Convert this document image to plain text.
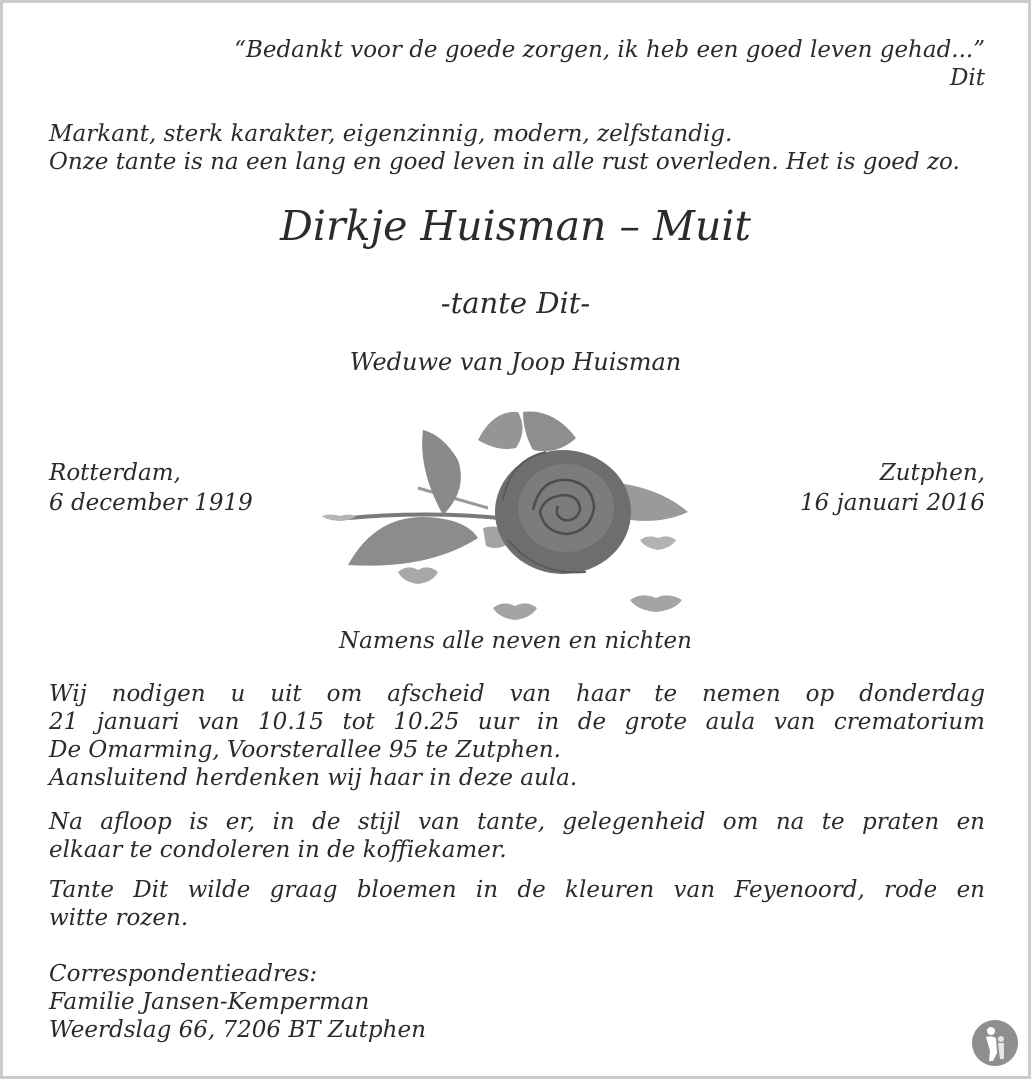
“Bedankt voor de goede zorgen, ik heb een goed leven gehad...”
Dit
Markant, sterk karakter, eigenzinnig, modern, zelfstandig.
Onze tante is na een lang en goed leven in alle rust overleden. Het is goed zo.
Dirkje Huisman – Muit
-tante Dit-
Weduwe van Joop Huisman
Rotterdam,
6 december 1919
Zutphen,
16 januari 2016
Namens alle neven en nichten
Wij nodigen u uit om afscheid van haar te nemen op donderdag
21 januari van 10.15 tot 10.25 uur in de grote aula van crematorium
De Omarming, Voorsterallee 95 te Zutphen.
Aansluitend herdenken wij haar in deze aula.
Na afloop is er, in de stijl van tante, gelegenheid om na te praten en
elkaar te condoleren in de koffiekamer.
Tante Dit wilde graag bloemen in de kleuren van Feyenoord, rode en
witte rozen.
Correspondentieadres:
Familie Jansen-Kemperman
Weerdslag 66, 7206 BT Zutphen
